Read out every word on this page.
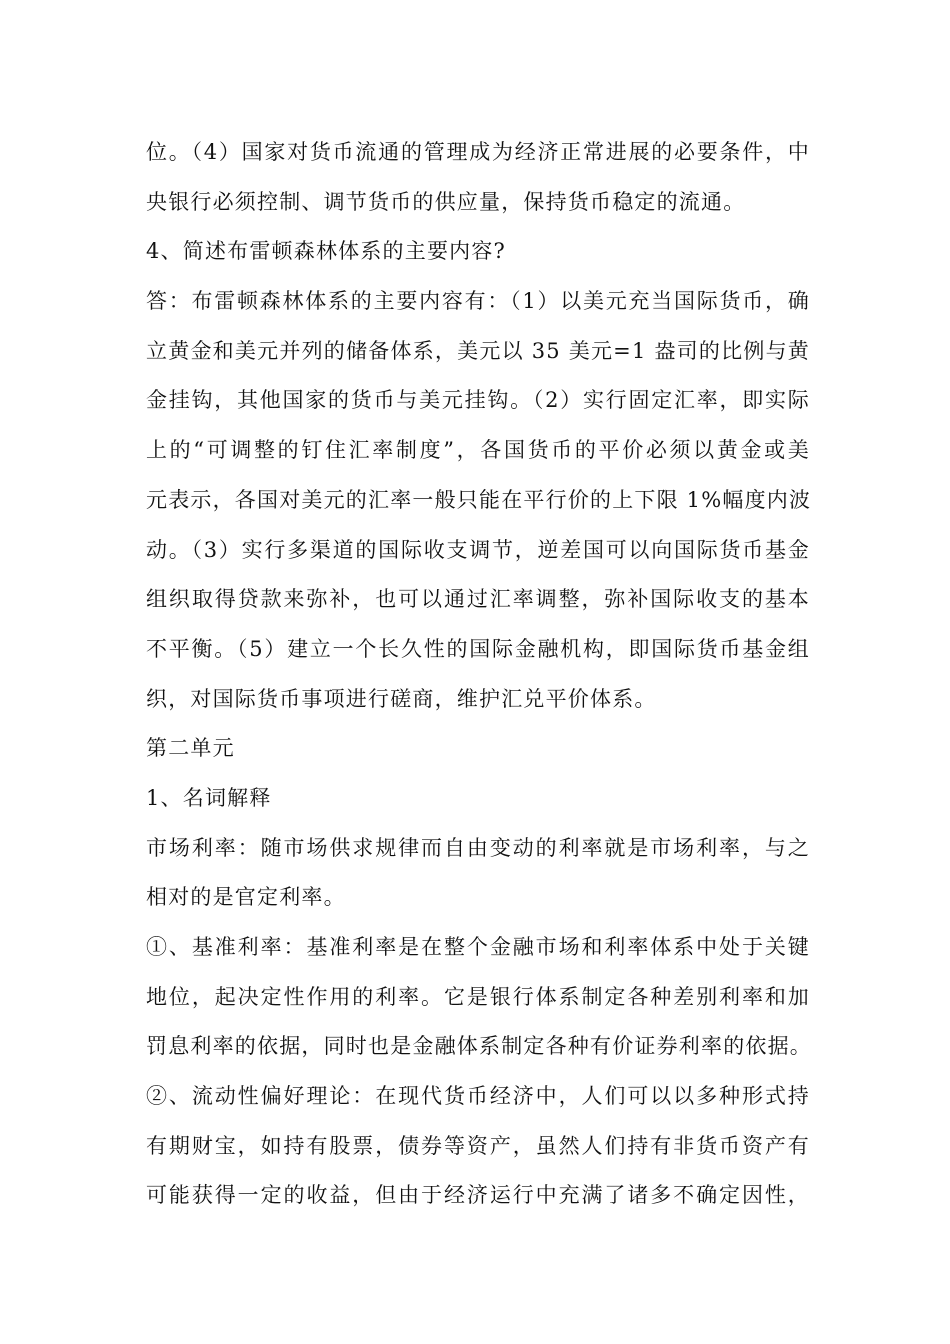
位。（4）国家对货币流通的管理成为经济正常进展的必要条件，中
央银行必须控制、调节货币的供应量，保持货币稳定的流通。
4、简述布雷顿森林体系的主要内容?
答：布雷顿森林体系的主要内容有：（1）以美元充当国际货币，确
立黄金和美元并列的储备体系，美元以 35 美元=1 盎司的比例与黄
金挂钩，其他国家的货币与美元挂钩。（2）实行固定汇率，即实际
上的“可调整的钉住汇率制度”，各国货币的平价必须以黄金或美
元表示，各国对美元的汇率一般只能在平行价的上下限 1%幅度内波
动。（3）实行多渠道的国际收支调节，逆差国可以向国际货币基金
组织取得贷款来弥补，也可以通过汇率调整，弥补国际收支的基本
不平衡。（5）建立一个长久性的国际金融机构，即国际货币基金组
织，对国际货币事项进行磋商，维护汇兑平价体系。
第二单元
1、名词解释
市场利率：随市场供求规律而自由变动的利率就是市场利率，与之
相对的是官定利率。
①、基准利率：基准利率是在整个金融市场和利率体系中处于关键
地位，起决定性作用的利率。它是银行体系制定各种差别利率和加
罚息利率的依据，同时也是金融体系制定各种有价证券利率的依据。
②、流动性偏好理论：在现代货币经济中，人们可以以多种形式持
有期财宝，如持有股票，债券等资产，虽然人们持有非货币资产有
可能获得一定的收益，但由于经济运行中充满了诸多不确定因性，
